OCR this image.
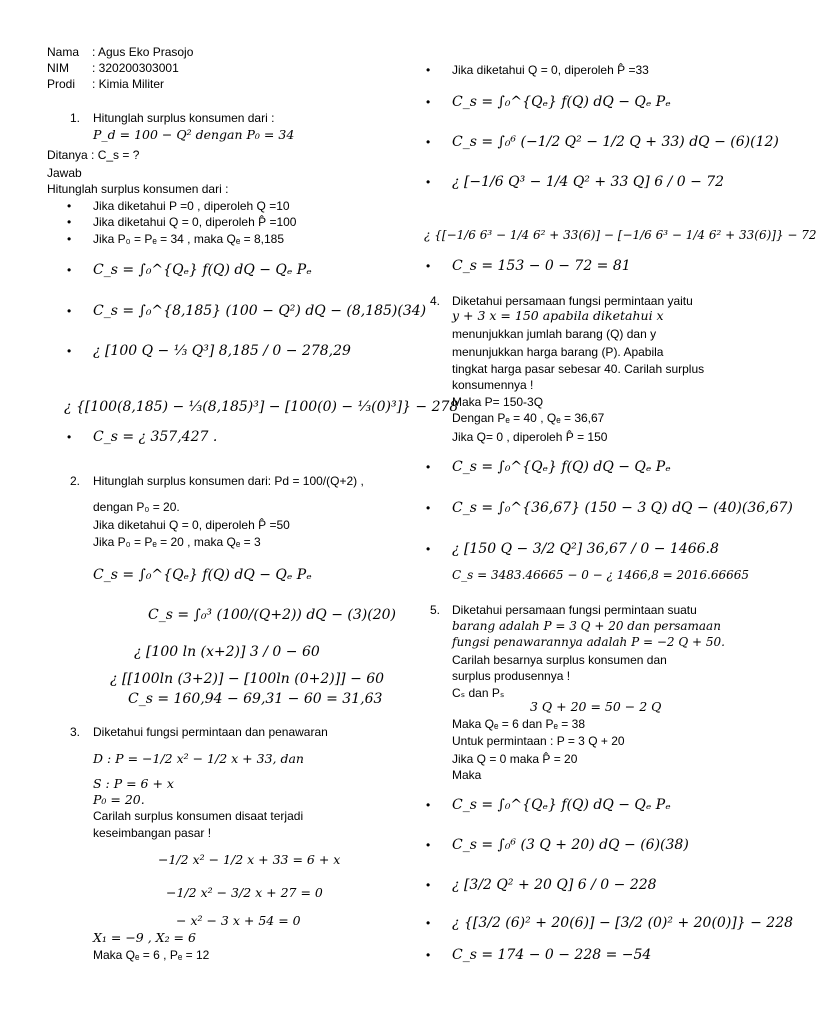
Nama : Agus Eko Prasojo
NIM : 320200303001
Prodi : Kimia Militer
1. Hitunglah surplus konsumen dari :
P_d = 100 − Q² dengan P₀ = 34
Ditanya : C_s = ?
Jawab
Hitunglah surplus konsumen dari :
• Jika diketahui P =0 , diperoleh Q =10
• Jika diketahui Q = 0, diperoleh P̂ =100
• Jika P₀ = Pₑ = 34 , maka Qₑ = 8,185
• C_s = ∫₀^{Qₑ} f(Q) dQ − Qₑ Pₑ
• C_s = ∫₀^{8,185} (100 − Q²) dQ − (8,185)(34)
• ¿ [100 Q − ⅓ Q³] 8,185 / 0 − 278,29
¿ {[100(8,185) − ⅓(8,185)³] − [100(0) − ⅓(0)³]} − 278
• C_s = ¿ 357,427 .
2. Hitunglah surplus konsumen dari: Pd = 100/(Q+2) ,
dengan P₀ = 20.
Jika diketahui Q = 0, diperoleh P̂ =50
Jika P₀ = Pₑ = 20 , maka Qₑ = 3
C_s = ∫₀^{Qₑ} f(Q) dQ − Qₑ Pₑ
C_s = ∫₀³ (100/(Q+2)) dQ − (3)(20)
¿ [100 ln (x+2)] 3 / 0 − 60
¿ [[100ln (3+2)] − [100ln (0+2)]] − 60
C_s = 160,94 − 69,31 − 60 = 31,63
3. Diketahui fungsi permintaan dan penawaran
D : P = −1/2 x² − 1/2 x + 33, dan
S : P = 6 + x
P₀ = 20.
Carilah surplus konsumen disaat terjadi
keseimbangan pasar !
−1/2 x² − 1/2 x + 33 = 6 + x
−1/2 x² − 3/2 x + 27 = 0
− x² − 3 x + 54 = 0
X₁ = −9 , X₂ = 6
Maka Qₑ = 6 , Pₑ = 12
• Jika diketahui Q = 0, diperoleh P̂ =33
• C_s = ∫₀^{Qₑ} f(Q) dQ − Qₑ Pₑ
• C_s = ∫₀⁶ (−1/2 Q² − 1/2 Q + 33) dQ − (6)(12)
• ¿ [−1/6 Q³ − 1/4 Q² + 33 Q] 6 / 0 − 72
¿ {[−1/6 6³ − 1/4 6² + 33(6)] − [−1/6 6³ − 1/4 6² + 33(6)]} − 72
• C_s = 153 − 0 − 72 = 81
4. Diketahui persamaan fungsi permintaan yaitu
y + 3 x = 150 apabila diketahui x
menunjukkan jumlah barang (Q) dan y
menunjukkan harga barang (P). Apabila
tingkat harga pasar sebesar 40. Carilah surplus
konsumennya !
Maka P= 150-3Q
Dengan Pₑ = 40 , Qₑ = 36,67
Jika Q= 0 , diperoleh P̂ = 150
• C_s = ∫₀^{Qₑ} f(Q) dQ − Qₑ Pₑ
• C_s = ∫₀^{36,67} (150 − 3 Q) dQ − (40)(36,67)
• ¿ [150 Q − 3/2 Q²] 36,67 / 0 − 1466.8
C_s = 3483.46665 − 0 − ¿ 1466,8 = 2016.66665
5. Diketahui persamaan fungsi permintaan suatu
barang adalah P = 3 Q + 20 dan persamaan
fungsi penawarannya adalah P = −2 Q + 50.
Carilah besarnya surplus konsumen dan
surplus produsennya !
Cₛ dan Pₛ
3 Q + 20 = 50 − 2 Q
Maka Qₑ = 6 dan Pₑ = 38
Untuk permintaan : P = 3 Q + 20
Jika Q = 0 maka P̂ = 20
Maka
• C_s = ∫₀^{Qₑ} f(Q) dQ − Qₑ Pₑ
• C_s = ∫₀⁶ (3 Q + 20) dQ − (6)(38)
• ¿ [3/2 Q² + 20 Q] 6 / 0 − 228
• ¿ {[3/2 (6)² + 20(6)] − [3/2 (0)² + 20(0)]} − 228
• C_s = 174 − 0 − 228 = −54
